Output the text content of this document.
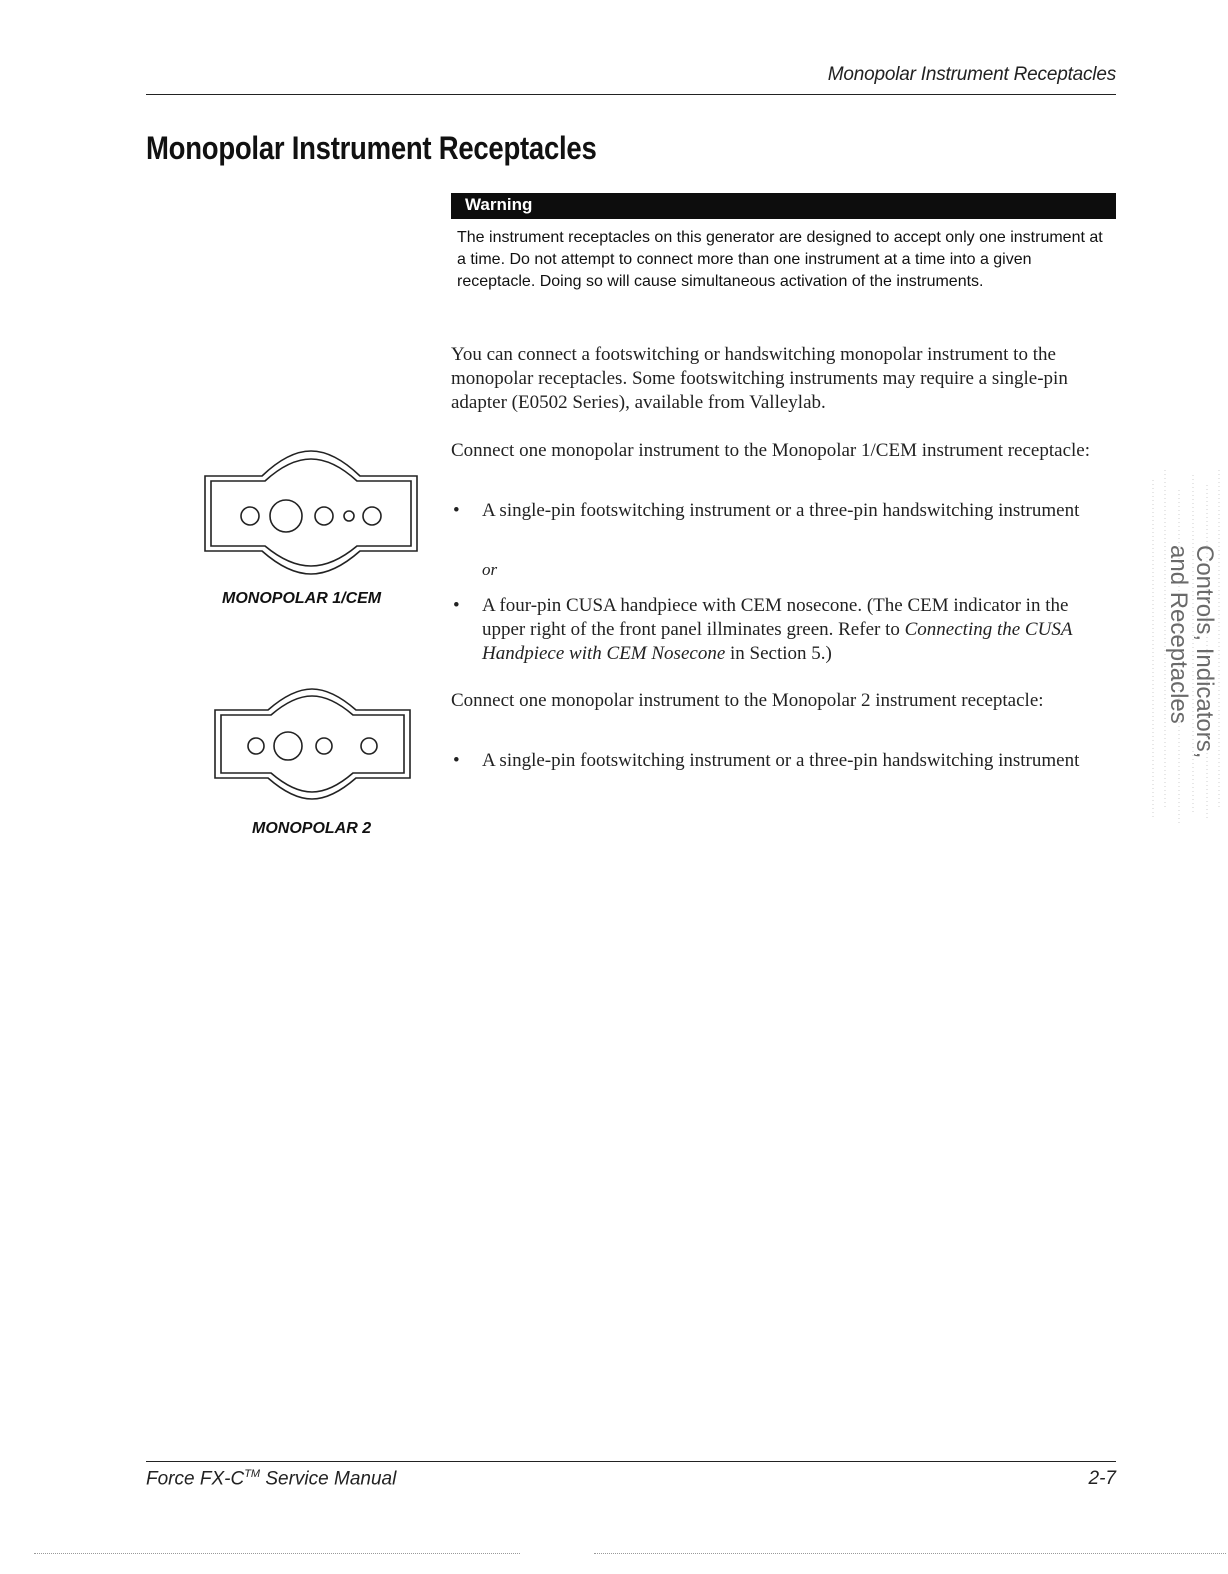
Monopolar Instrument Receptacles
Monopolar Instrument Receptacles
Warning

The instrument receptacles on this generator are designed to accept only one instrument at a time. Do not attempt to connect more than one instrument at a time into a given receptacle. Doing so will cause simultaneous activation of the instruments.

You can connect a footswitching or handswitching monopolar instrument to the monopolar receptacles. Some footswitching instruments may require a single-pin adapter (E0502 Series), available from Valleylab.

Connect one monopolar instrument to the Monopolar 1/CEM instrument receptacle:

• A single-pin footswitching instrument or a three-pin handswitching instrument
or
• A four-pin CUSA handpiece with CEM nosecone. (The CEM indicator in the upper right of the front panel illminates green. Refer to Connecting the CUSA Handpiece with CEM Nosecone in Section 5.)

Connect one monopolar instrument to the Monopolar 2 instrument receptacle:

• A single-pin footswitching instrument or a three-pin handswitching instrument
MONOPOLAR 1/CEM
MONOPOLAR 2
Controls, Indicators,
and Receptacles
Force FX-C™ Service Manual	2-7
